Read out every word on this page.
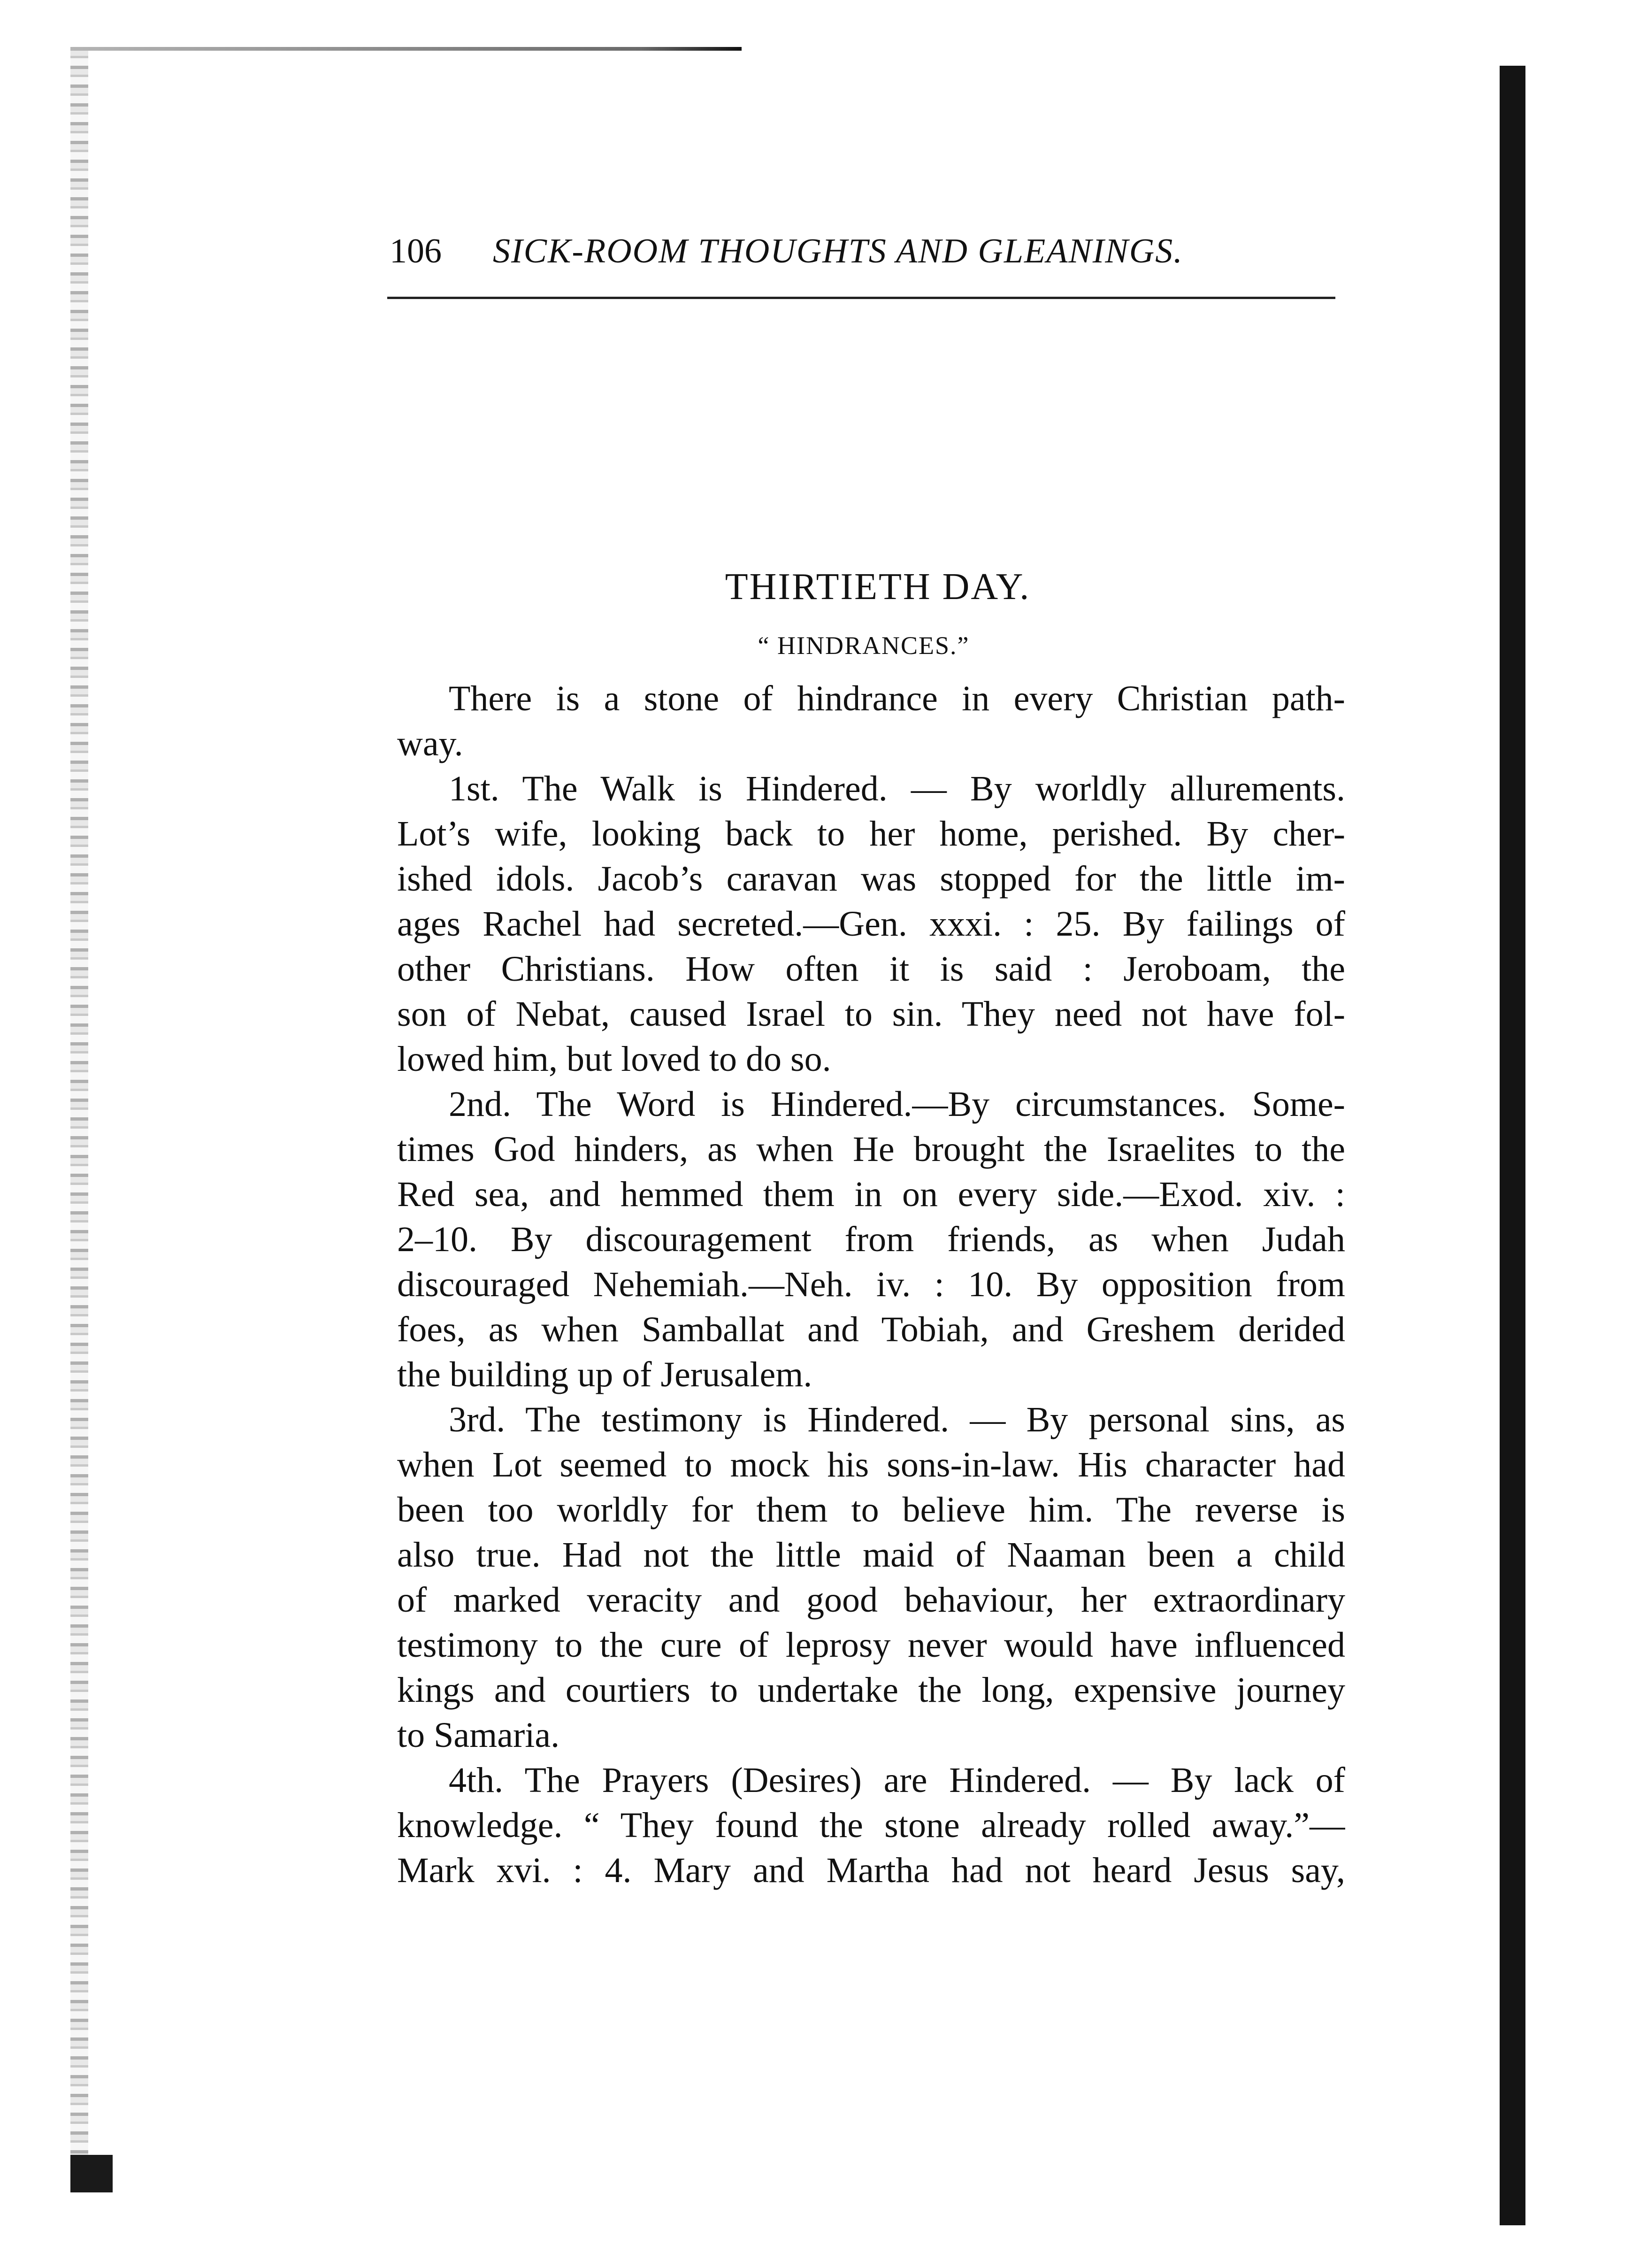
106 SICK-ROOM THOUGHTS AND GLEANINGS.
THIRTIETH DAY.
“ HINDRANCES.”
There is a stone of hindrance in every Christian path-
way.
1st. The Walk is Hindered. — By worldly allurements.
Lot’s wife, looking back to her home, perished. By cher-
ished idols. Jacob’s caravan was stopped for the little im-
ages Rachel had secreted.—Gen. xxxi. : 25. By failings of
other Christians. How often it is said : Jeroboam, the
son of Nebat, caused Israel to sin. They need not have fol-
lowed him, but loved to do so.
2nd. The Word is Hindered.—By circumstances. Some-
times God hinders, as when He brought the Israelites to the
Red sea, and hemmed them in on every side.—Exod. xiv. :
2–10. By discouragement from friends, as when Judah
discouraged Nehemiah.—Neh. iv. : 10. By opposition from
foes, as when Samballat and Tobiah, and Greshem derided
the building up of Jerusalem.
3rd. The testimony is Hindered. — By personal sins, as
when Lot seemed to mock his sons-in-law. His character had
been too worldly for them to believe him. The reverse is
also true. Had not the little maid of Naaman been a child
of marked veracity and good behaviour, her extraordinary
testimony to the cure of leprosy never would have influenced
kings and courtiers to undertake the long, expensive journey
to Samaria.
4th. The Prayers (Desires) are Hindered. — By lack of
knowledge. “ They found the stone already rolled away.”—
Mark xvi. : 4. Mary and Martha had not heard Jesus say,
